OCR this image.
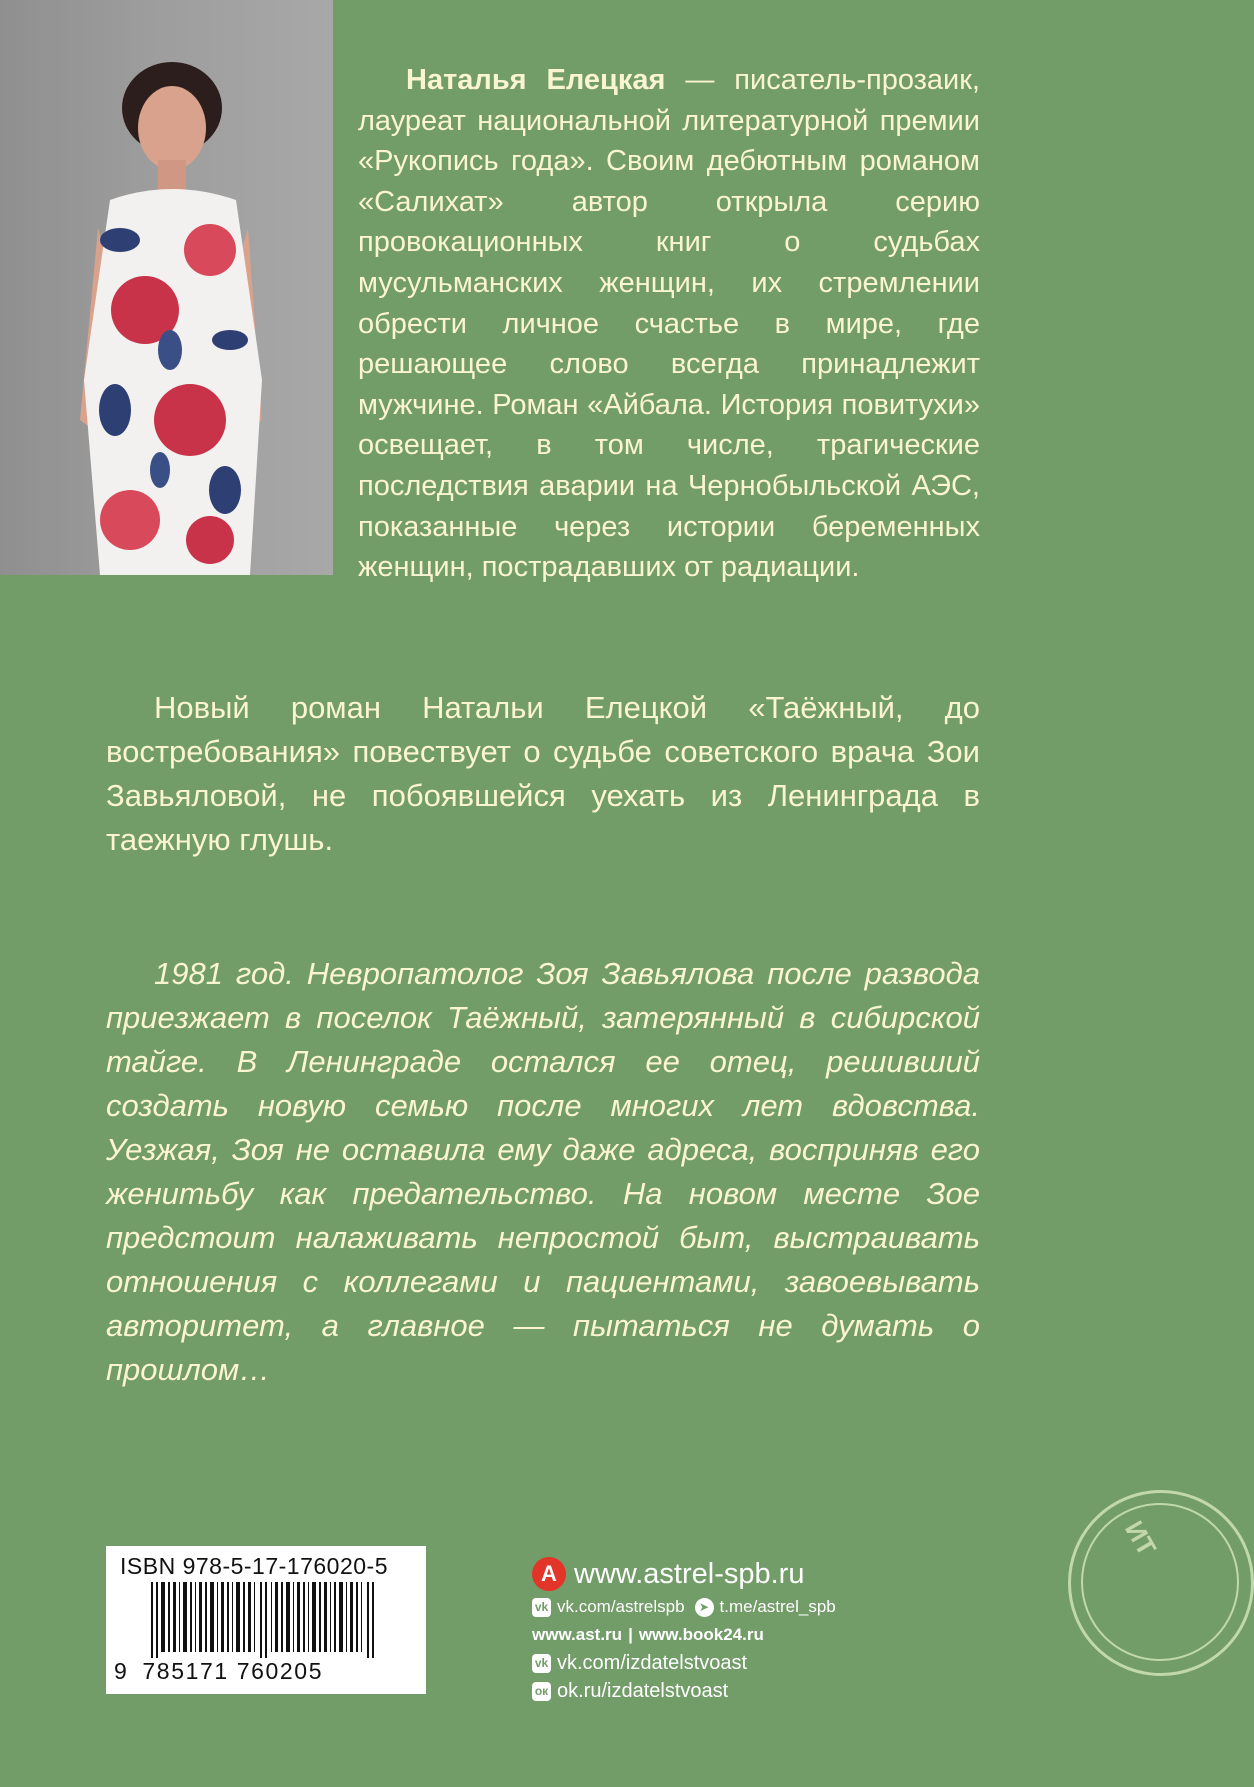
Наталья Елецкая — писатель-прозаик, лауреат национальной литературной премии «Рукопись года». Своим дебютным романом «Салихат» автор открыла серию провокационных книг о судьбах мусульманских женщин, их стремлении обрести личное счастье в мире, где решающее слово всегда принадлежит мужчине. Роман «Айбала. История повитухи» освещает, в том числе, трагические последствия аварии на Чернобыльской АЭС, показанные через истории беременных женщин, пострадавших от радиации.

Новый роман Натальи Елецкой «Таёжный, до востребования» повествует о судьбе советского врача Зои Завьяловой, не побоявшейся уехать из Ленинграда в таежную глушь.

1981 год. Невропатолог Зоя Завьялова после развода приезжает в поселок Таёжный, затерянный в сибирской тайге. В Ленинграде остался ее отец, решивший создать новую семью после многих лет вдовства. Уезжая, Зоя не оставила ему даже адреса, восприняв его женитьбу как предательство. На новом месте Зое предстоит налаживать непростой быт, выстраивать отношения с коллегами и пациентами, завоевывать авторитет, а главное — пытаться не думать о прошлом…

ISBN 978-5-17-176020-5
9 785171 760205
А www.astrel-spb.ru
vk vk.com/astrelspb	➤ t.me/astrel_spb
www.ast.ru | www.book24.ru
vk vk.com/izdatelstvoast
ок ok.ru/izdatelstvoast
ИТ
